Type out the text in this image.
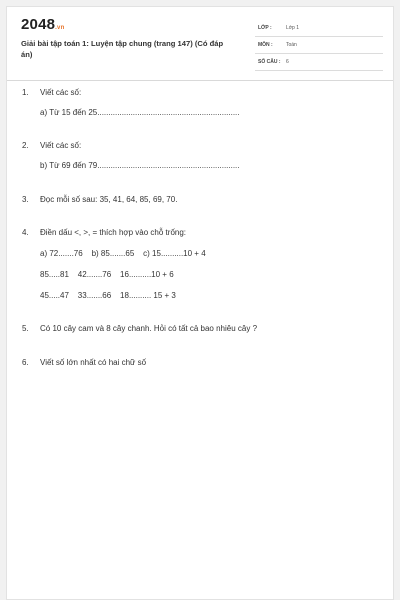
2048.vn
Giải bài tập toán 1: Luyện tập chung (trang 147) (Có đáp án)
LỚP :	Lớp 1
MÔN :	Toán
SỐ CÂU : 6
1. Viết các số:
a) Từ 15 đến 25................................................................
2. Viết các số:
b) Từ 69 đến 79................................................................
3. Đọc mỗi số sau: 35, 41, 64, 85, 69, 70.
4. Điền dấu <, >, = thích hợp vào chỗ trống:
a) 72.......76    b) 85.......65    c) 15..........10 + 4
85.....81    42.......76    16..........10 + 6
45.....47    33.......66    18.......... 15 + 3
5. Có 10 cây cam và 8 cây chanh. Hỏi có tất cả bao nhiêu cây ?
6. Viết số lớn nhất có hai chữ số
